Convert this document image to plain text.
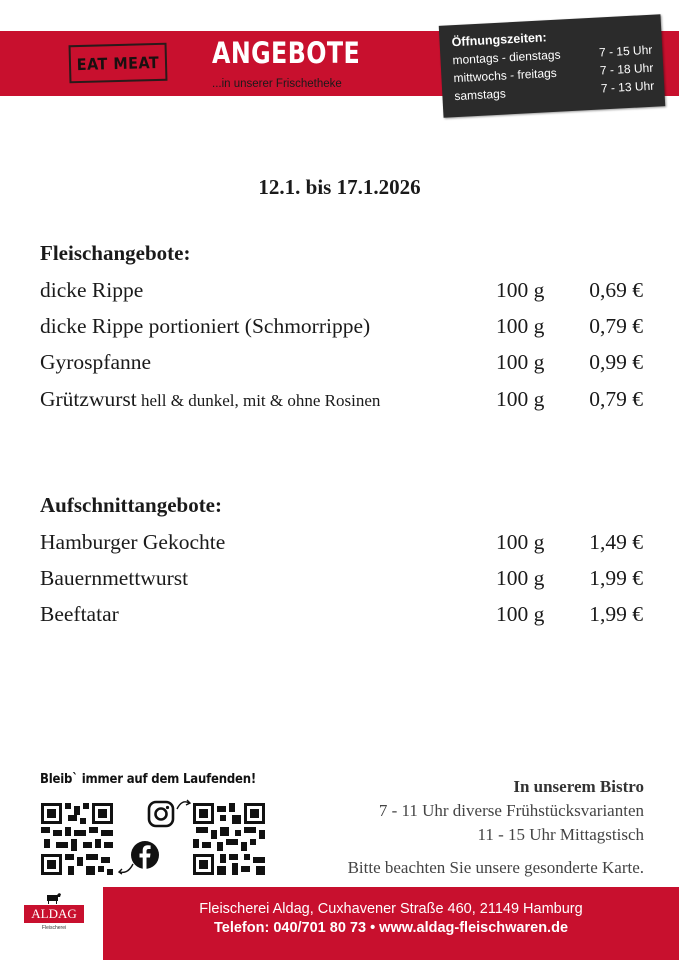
EAT MEAT ANGEBOTE
...in unserer Frischetheke
Öffnungszeiten:
montags - dienstags	7 - 15 Uhr
mittwochs - freitags	7 - 18 Uhr
samstags	7 - 13 Uhr
12.1. bis 17.1.2026
Fleischangebote:
dicke Rippe	100 g 0,69 €
dicke Rippe portioniert (Schmorrippe)	100 g 0,79 €
Gyrospfanne	100 g 0,99 €
Grützwurst hell & dunkel, mit & ohne Rosinen	100 g 0,79 €
Aufschnittangebote:
Hamburger Gekochte	100 g 1,49 €
Bauernmettwurst	100 g 1,99 €
Beeftatar	100 g 1,99 €
Bleib` immer auf dem Laufenden!	In unserem Bistro
7 - 11 Uhr diverse Frühstücksvarianten
11 - 15 Uhr Mittagstisch
Bitte beachten Sie unsere gesonderte Karte.
ALDAG
Fleischerei
Fleischerei Aldag, Cuxhavener Straße 460, 21149 Hamburg
Telefon: 040/701 80 73 • www.aldag-fleischwaren.de
